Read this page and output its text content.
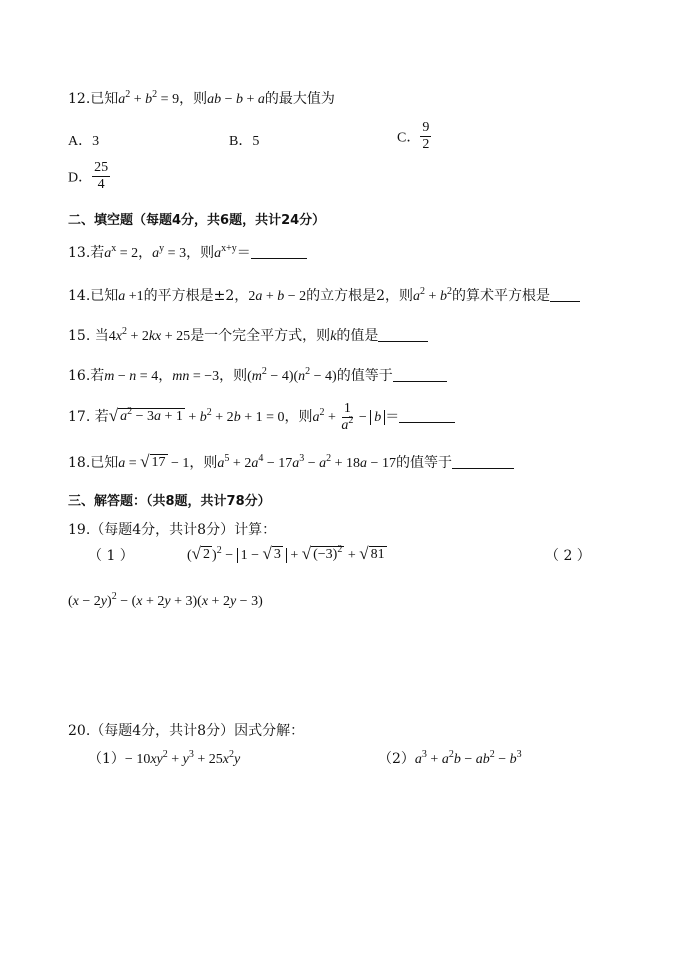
12.已知$a^2 + b^2 = 9$，则ab − b + a的最大值为
A．3	B．5	C． $\frac{9}{2}$
D． $\frac{25}{4}$
二、填空题（每题4分，共6题，共计24分）
13.若$a^x = 2$，$a^y = 3$，则$a^{x+y}=$
14.已知a +1的平方根是±2，2a + b − 2的立方根是2，则$a^2 + b^2$的算术平方根是
15. 当$4x^2 + 2kx + 25$是一个完全平方式，则k的值是
16.若m − n = 4，mn = −3，则$(m^2 - 4)(n^2 - 4)$的值等于
17. 若 √ $a^2 - 3a + 1 + b^2 + 2b + 1 = 0$，则$a^2 + \frac{1}{a^2} - b$ ＝
18.已知a = √ 17 − 1，则$a^5 + 2a^4 - 17a^3 - a^2 + 18a - 17$的值等于
三、解答题：（共8题，共计78分）
19.（每题4分，共计8分）计算：
（ 1 ）	( √ 2 )$^2$ − 1 − √ 3 + √ $(-3)^2$ + √ 81	（ 2 ）
$(x - 2y)^2 - (x + 2y + 3)(x + 2y - 3)$
20.（每题4分，共计8分）因式分解：
$(1)- 10xy^2 + y^3 + 25x^2y$	$(2)a^3 + a^2b - ab^2 - b^3$
